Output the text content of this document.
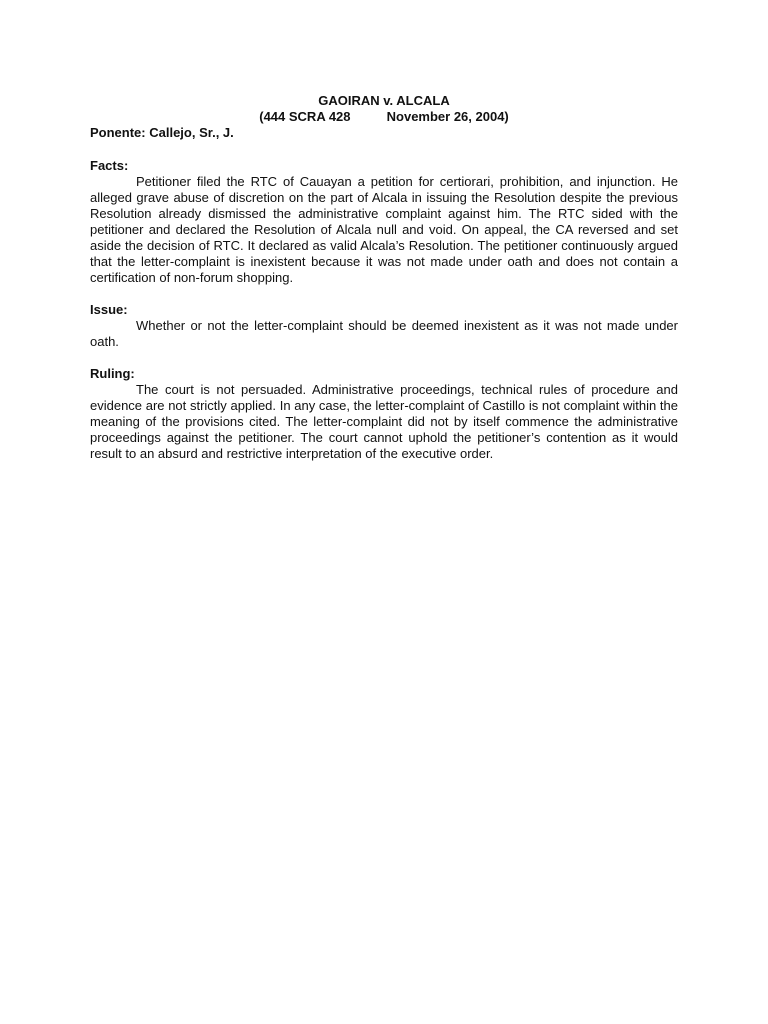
GAOIRAN v. ALCALA

(444 SCRA 428          November 26, 2004)

Ponente: Callejo, Sr., J.

Facts:

Petitioner filed the RTC of Cauayan a petition for certiorari, prohibition, and injunction. He alleged grave abuse of discretion on the part of Alcala in issuing the Resolution despite the previous Resolution already dismissed the administrative complaint against him. The RTC sided with the petitioner and declared the Resolution of Alcala null and void. On appeal, the CA reversed and set aside the decision of RTC. It declared as valid Alcala’s Resolution. The petitioner continuously argued that the letter-complaint is inexistent because it was not made under oath and does not contain a certification of non-forum shopping.

Issue:

Whether or not the letter-complaint should be deemed inexistent as it was not made under oath.

Ruling:

The court is not persuaded. Administrative proceedings, technical rules of procedure and evidence are not strictly applied. In any case, the letter-complaint of Castillo is not complaint within the meaning of the provisions cited. The letter-complaint did not by itself commence the administrative proceedings against the petitioner. The court cannot uphold the petitioner’s contention as it would result to an absurd and restrictive interpretation of the executive order.
